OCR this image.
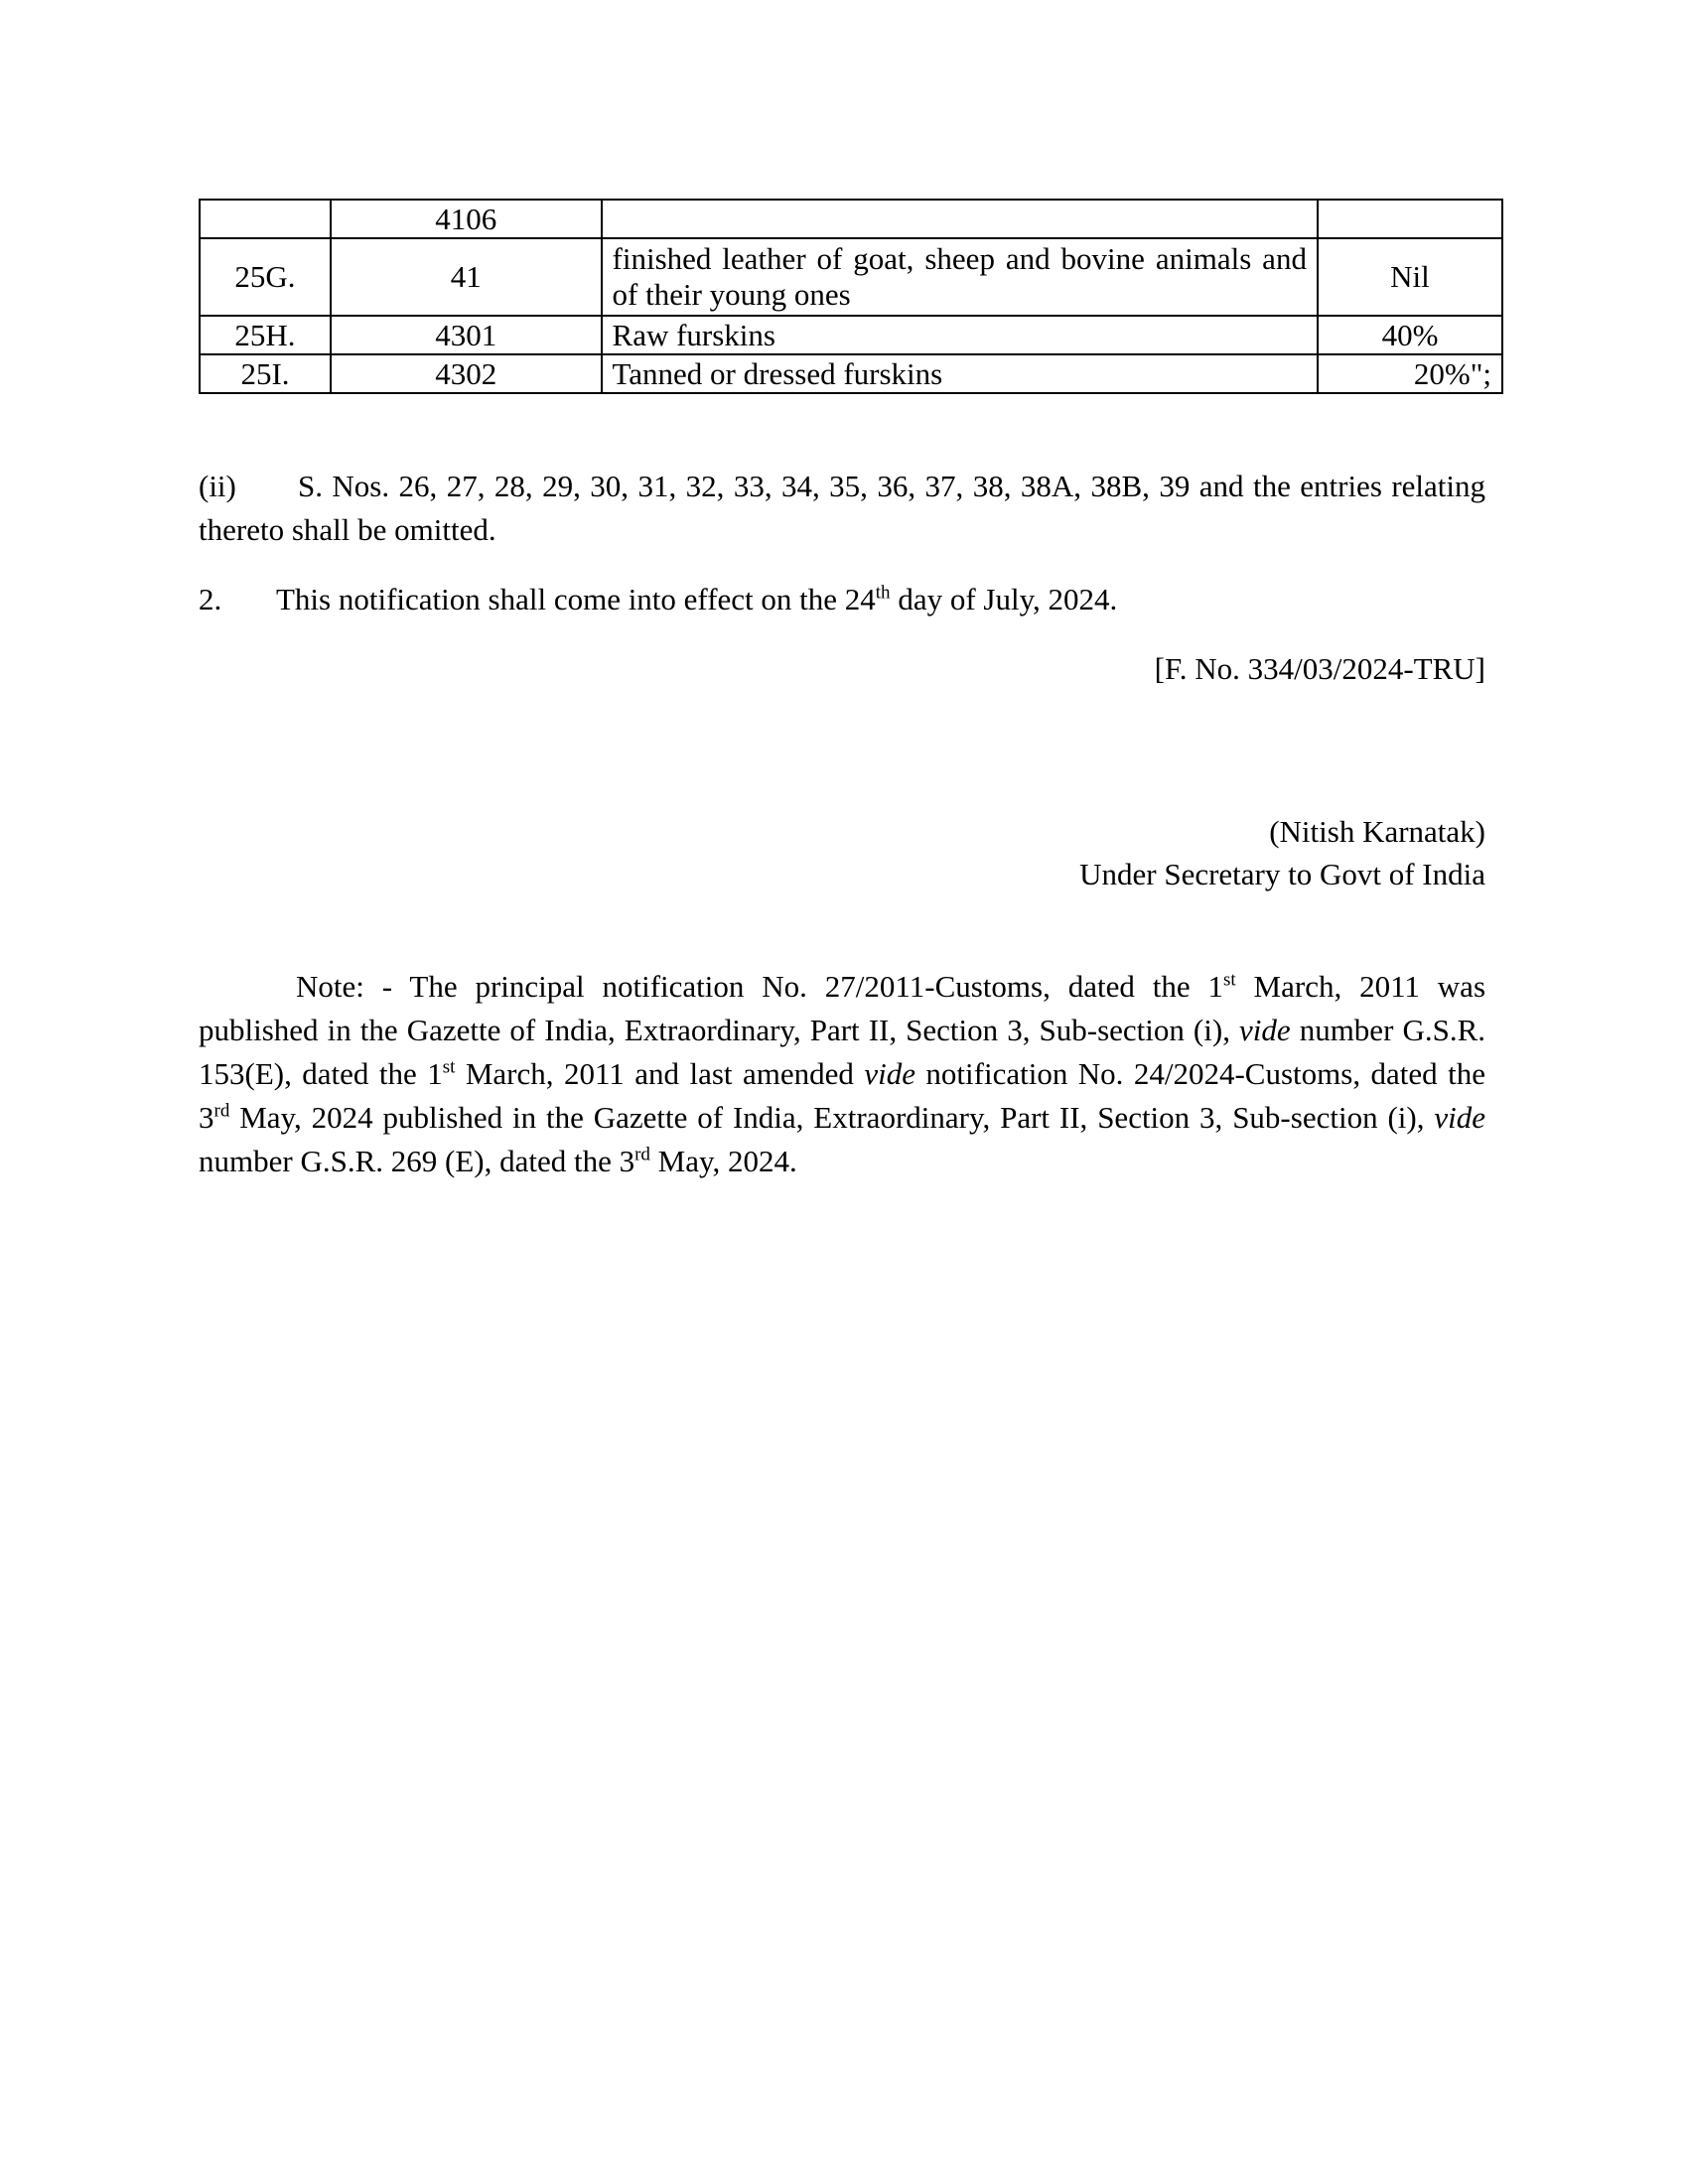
	4106		
25G.	41	finished leather of goat, sheep and bovine animals and of their young ones	Nil
25H.	4301	Raw furskins	40%
25I.	4302	Tanned or dressed furskins	20%";
(ii) S. Nos. 26, 27, 28, 29, 30, 31, 32, 33, 34, 35, 36, 37, 38, 38A, 38B, 39 and the entries relating thereto shall be omitted.
2. This notification shall come into effect on the 24th day of July, 2024.
[F. No. 334/03/2024-TRU]
(Nitish Karnatak)
Under Secretary to Govt of India
Note: - The principal notification No. 27/2011-Customs, dated the 1st March, 2011 was published in the Gazette of India, Extraordinary, Part II, Section 3, Sub-section (i), vide number G.S.R. 153(E), dated the 1st March, 2011 and last amended vide notification No. 24/2024-Customs, dated the 3rd May, 2024 published in the Gazette of India, Extraordinary, Part II, Section 3, Sub-section (i), vide number G.S.R. 269 (E), dated the 3rd May, 2024.
